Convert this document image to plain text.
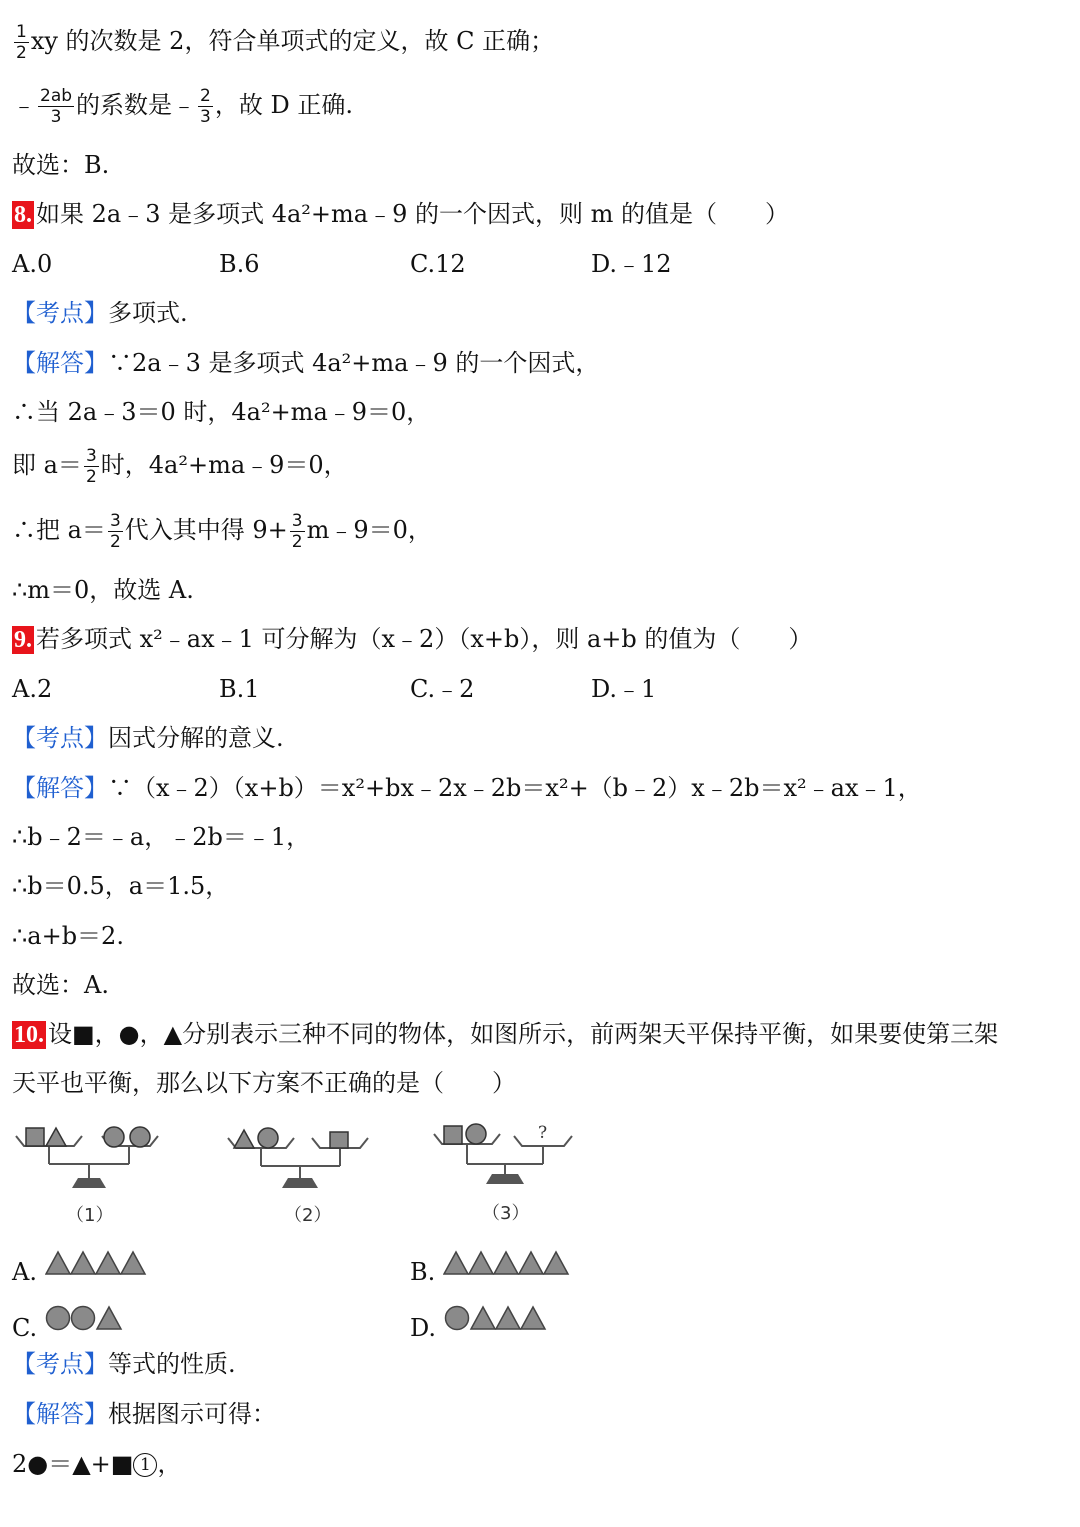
$\frac{1}{2}$ xy 的次数是 2，符合单项式的定义，故 C 正确；
﹣ $\frac{2ab}{3}$ 的系数是﹣ $\frac{2}{3}$ ，故 D 正确.
故选：B.
8. 如果 2a﹣3 是多项式 4a²+ma﹣9 的一个因式，则 m 的值是（　　）
A.0	B.6	C.12	D.﹣12
【考点】多项式.
【解答】∵2a﹣3 是多项式 4a²+ma﹣9 的一个因式，
∴当 2a﹣3＝0 时，4a²+ma﹣9＝0，
即 $a= \frac{3}{2}$ 时，4a²+ma﹣9＝0，
∴把 $a= \frac{3}{2}$ 代入其中得 $9+ \frac{3}{2}$ m﹣9＝0，
∴m＝0，故选 A.
9. 若多项式 x²﹣ax﹣1 可分解为（x﹣2）（x+b），则 a+b 的值为（　　）
A.2	B.1	C.﹣2	D.﹣1
【考点】因式分解的意义.
【解答】∵（x﹣2）（x+b）＝x²+bx﹣2x﹣2b＝x²+（b﹣2）x﹣2b＝x²﹣ax﹣1，
∴b﹣2＝﹣a，﹣2b＝﹣1，
∴b＝0.5，a＝1.5，
∴a+b＝2.
故选：A.
10. 设■，●，▲分别表示三种不同的物体，如图所示，前两架天平保持平衡，如果要使第三架
天平也平衡，那么以下方案不正确的是（　　）
（1）	（2）
?
（3）
A.	B.
C.	D.
【考点】等式的性质.
【解答】根据图示可得：
2●＝▲+■ 1 ，
